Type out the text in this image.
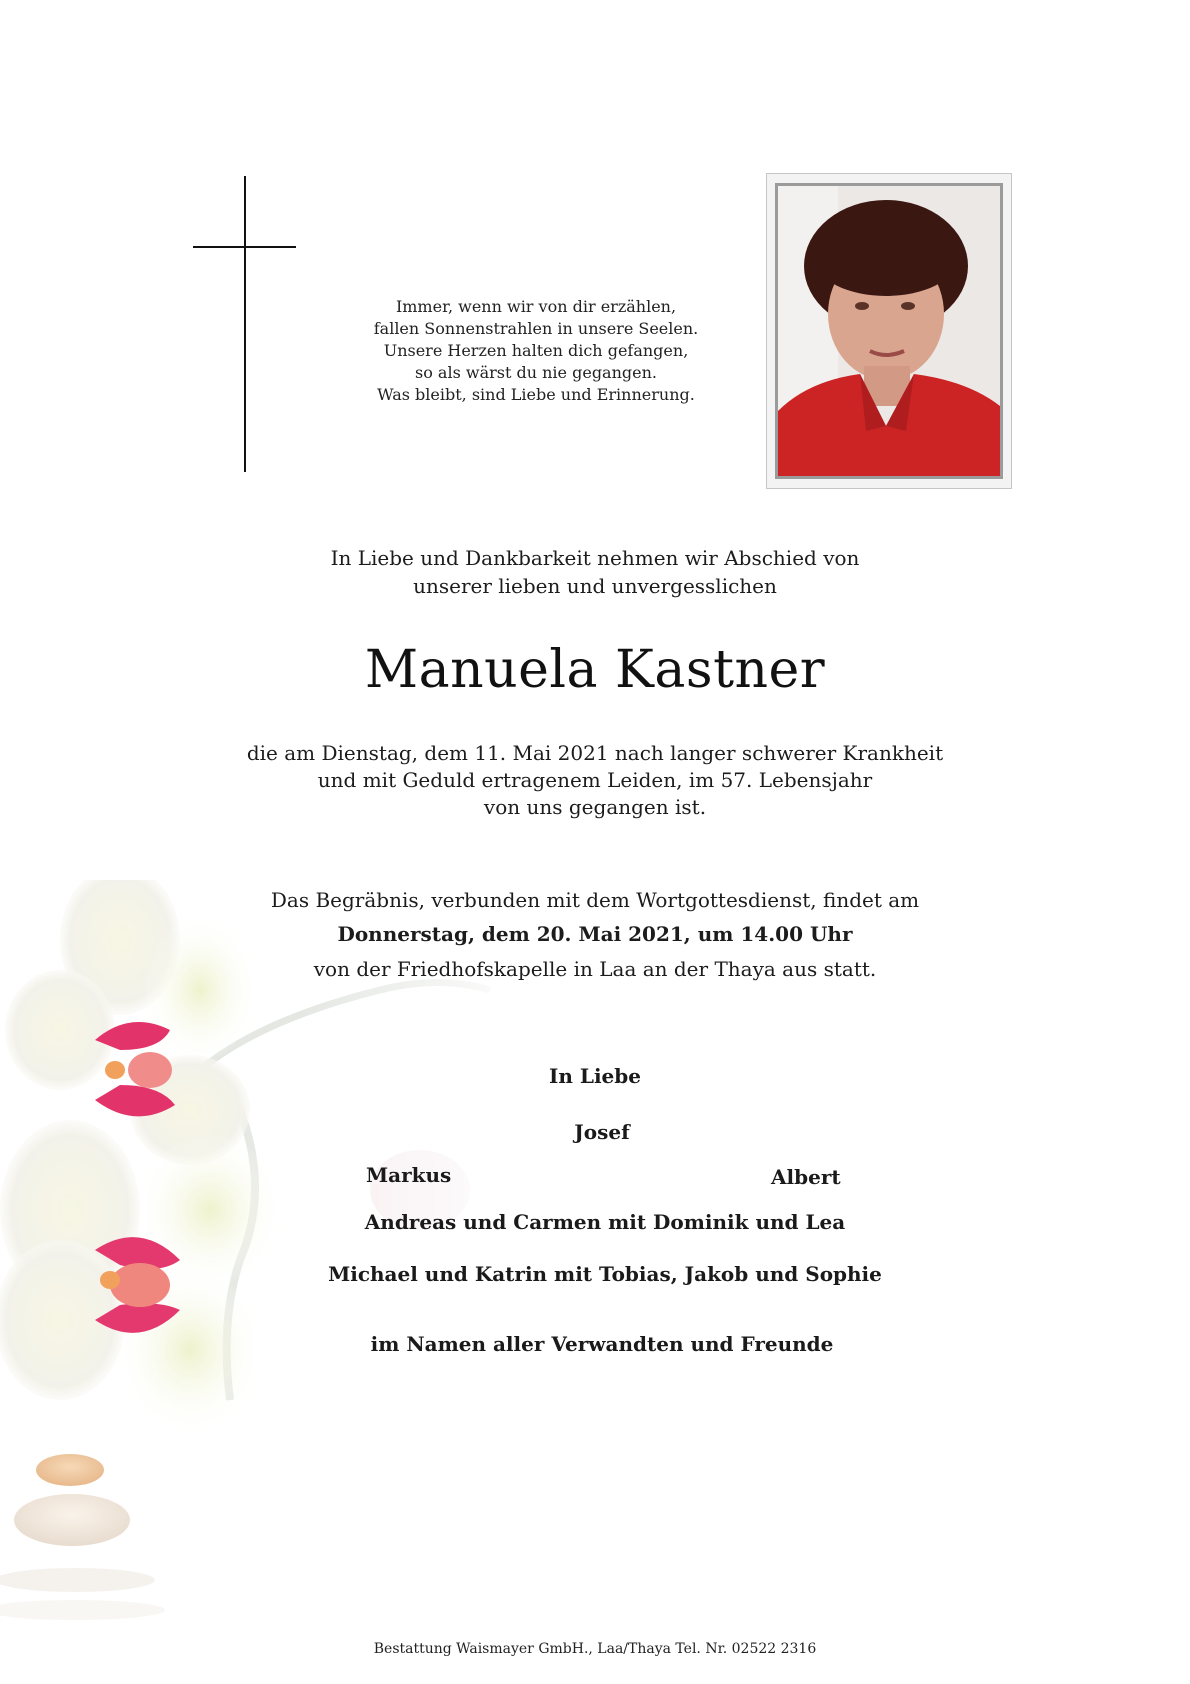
Immer, wenn wir von dir erzählen,
fallen Sonnenstrahlen in unsere Seelen.
Unsere Herzen halten dich gefangen,
so als wärst du nie gegangen.
Was bleibt, sind Liebe und Erinnerung.
In Liebe und Dankbarkeit nehmen wir Abschied von
unserer lieben und unvergesslichen
Manuela Kastner
die am Dienstag, dem 11. Mai 2021 nach langer schwerer Krankheit
und mit Geduld ertragenem Leiden, im 57. Lebensjahr
von uns gegangen ist.
Das Begräbnis, verbunden mit dem Wortgottesdienst, findet am
Donnerstag, dem 20. Mai 2021, um 14.00 Uhr
von der Friedhofskapelle in Laa an der Thaya aus statt.
In Liebe
Josef
Markus	Albert
Andreas und Carmen mit Dominik und Lea
Michael und Katrin mit Tobias, Jakob und Sophie
im Namen aller Verwandten und Freunde
Bestattung Waismayer GmbH., Laa/Thaya Tel. Nr. 02522 2316
